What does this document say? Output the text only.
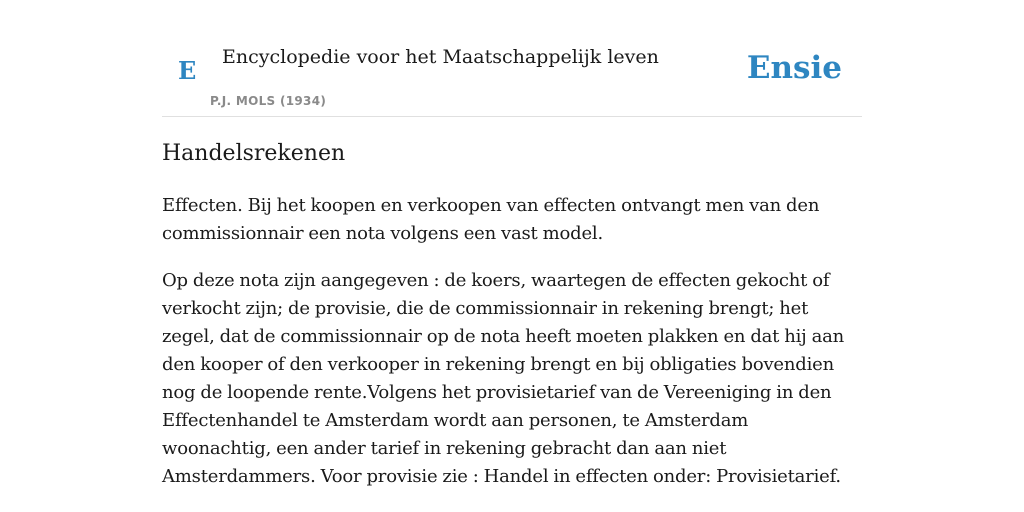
E Encyclopedie voor het Maatschappelijk leven
P.J. MOLS (1934)
Ensie
Handelsrekenen

Effecten. Bij het koopen en verkoopen van effecten ontvangt men van den commissionnair een nota volgens een vast model.

Op deze nota zijn aangegeven : de koers, waartegen de effecten gekocht of verkocht zijn; de provisie, die de commissionnair in rekening brengt; het zegel, dat de commissionnair op de nota heeft moeten plakken en dat hij aan den kooper of den verkooper in rekening brengt en bij obligaties bovendien nog de loopende rente.Volgens het provisietarief van de Vereeniging in den Effectenhandel te Amsterdam wordt aan personen, te Amsterdam woonachtig, een ander tarief in rekening gebracht dan aan niet Amsterdammers. Voor provisie zie : Handel in effecten onder: Provisietarief.
